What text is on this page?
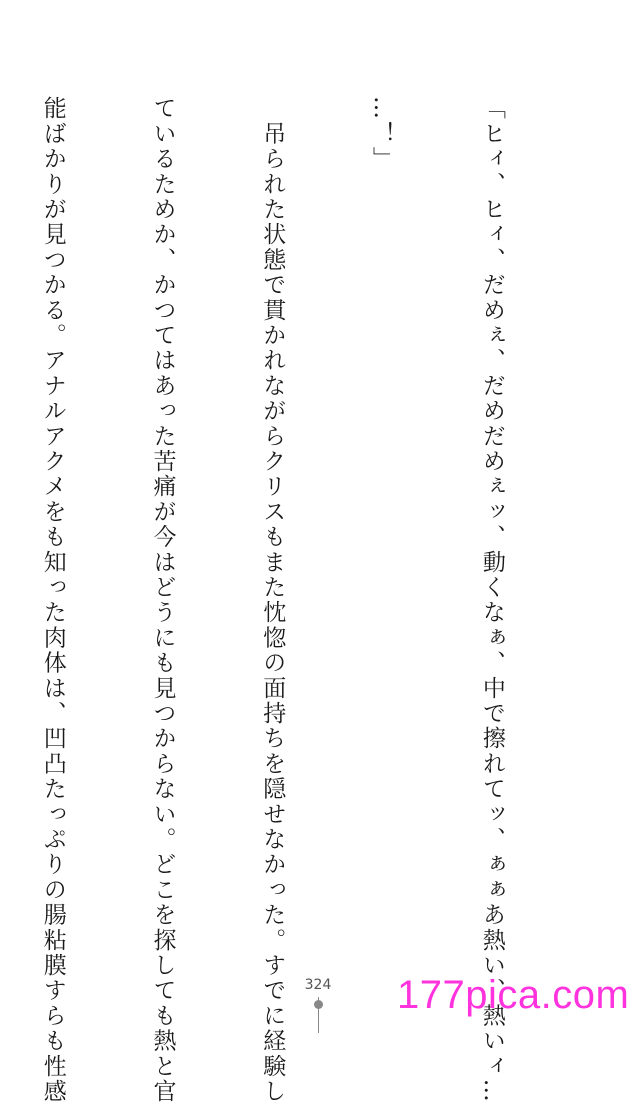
「ヒィ、ヒィ、だめぇ、だめだめぇッ、動くなぁ、中で擦れてッ、ぁぁあ熱い、熱いィ…

…！」

　吊られた状態で貫かれながらクリスもまた忱惚の面持ちを隠せなかった。すでに経験し

ているためか、かつてはあった苦痛が今はどうにも見つからない。どこを探しても熱と官

能ばかりが見つかる。アナルアクメをも知った肉体は、凹凸たっぷりの腸粘膜すらも性感

	324 177pica.com
